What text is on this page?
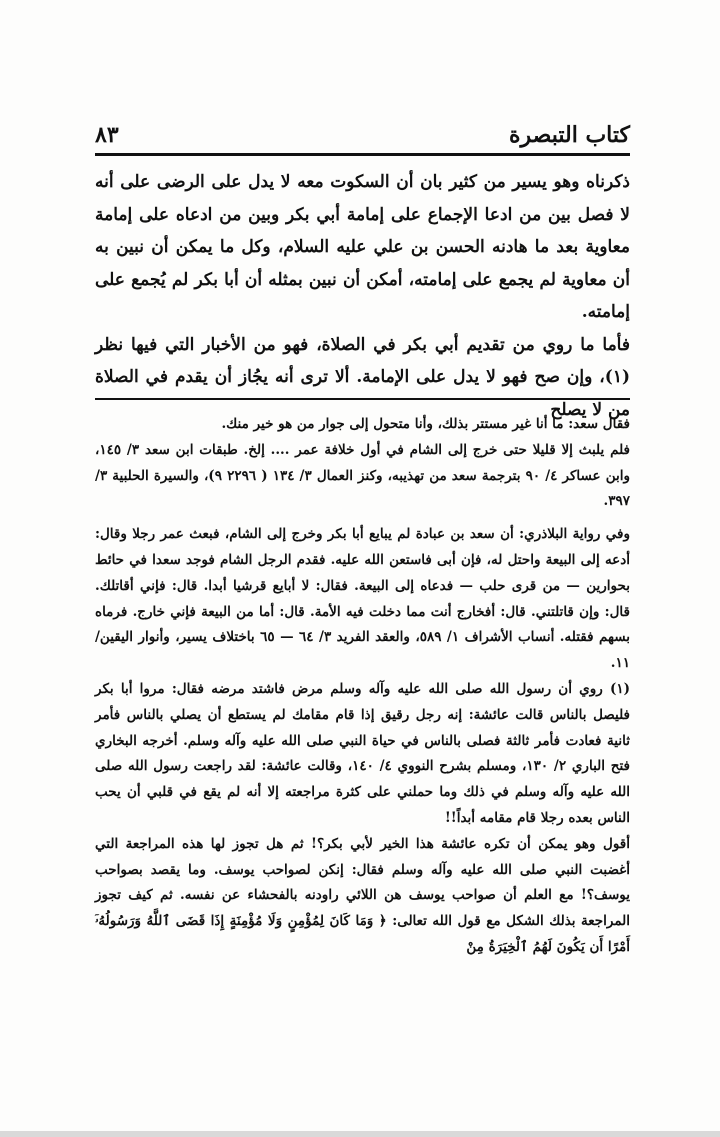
كتاب التبصرة
٨٣

ذكرناه وهو يسير من كثير بان أن السكوت معه لا يدل على الرضى على أنه لا فصل بين من ادعا الإجماع على إمامة أبي بكر وبين من ادعاه على إمامة معاوية بعد ما هادنه الحسن بن علي عليه السلام، وكل ما يمكن أن نبين به أن معاوية لم يجمع على إمامته، أمكن أن نبين بمثله أن أبا بكر لم يُجمع على إمامته.

فأما ما روي من تقديم أبي بكر في الصلاة، فهو من الأخبار التي فيها نظر (١)، وإن صح فهو لا يدل على الإمامة. ألا ترى أنه يجُاز أن يقدم في الصلاة من لا يصلح

فقال سعد: ما أنا غير مستتر بذلك، وأنا متحول إلى جوار من هو خير منك.

فلم يلبث إلا قليلا حتى خرج إلى الشام في أول خلافة عمر .... إلخ. طبقات ابن سعد ٣/ ١٤٥، وابن عساكر ٤/ ٩٠ بترجمة سعد من تهذيبه، وكنز العمال ٣/ ١٣٤ ( ٢٢٩٦ ٩)، والسيرة الحلبية ٣/ ٣٩٧.

وفي رواية البلاذري: أن سعد بن عبادة لم يبايع أبا بكر وخرج إلى الشام، فبعث عمر رجلا وقال: أدعه إلى البيعة واحتل له، فإن أبى فاستعن الله عليه. فقدم الرجل الشام فوجد سعدا في حائط بحوارين — من قرى حلب — فدعاه إلى البيعة. فقال: لا أبايع قرشيا أبدا. قال: فإني أقاتلك. قال: وإن قاتلتني. قال: أفخارج أنت مما دخلت فيه الأمة. قال: أما من البيعة فإني خارج. فرماه بسهم فقتله. أنساب الأشراف ١/ ٥٨٩، والعقد الفريد ٣/ ٦٤ — ٦٥ باختلاف يسير، وأنوار اليقين/ ١١.

(١) روي أن رسول الله صلى الله عليه وآله وسلم مرض فاشتد مرضه فقال: مروا أبا بكر فليصل بالناس قالت عائشة: إنه رجل رقيق إذا قام مقامك لم يستطع أن يصلي بالناس فأمر ثانية فعادت فأمر ثالثة فصلى بالناس في حياة النبي صلى الله عليه وآله وسلم. أخرجه البخاري فتح الباري ٢/ ١٣٠، ومسلم بشرح النووي ٤/ ١٤٠، وقالت عائشة: لقد راجعت رسول الله صلى الله عليه وآله وسلم في ذلك وما حملني على كثرة مراجعته إلا أنه لم يقع في قلبي أن يحب الناس بعده رجلا قام مقامه أبداً!!

أقول وهو يمكن أن تكره عائشة هذا الخير لأبي بكر؟! ثم هل تجوز لها هذه المراجعة التي أغضبت النبي صلى الله عليه وآله وسلم فقال: إنكن لصواحب يوسف. وما يقصد بصواحب يوسف؟! مع العلم أن صواحب يوسف هن اللائي راودنه بالفحشاء عن نفسه. ثم كيف تجوز المراجعة بذلك الشكل مع قول الله تعالى: ﴿ وَمَا كَانَ لِمُؤْمِنٍ وَلَا مُؤْمِنَةٍ إِذَا قَضَى ٱللَّهُ وَرَسُولُهُۥٓ أَمْرًا أَن يَكُونَ لَهُمُ ٱلْخِيَرَةُ مِنْ
